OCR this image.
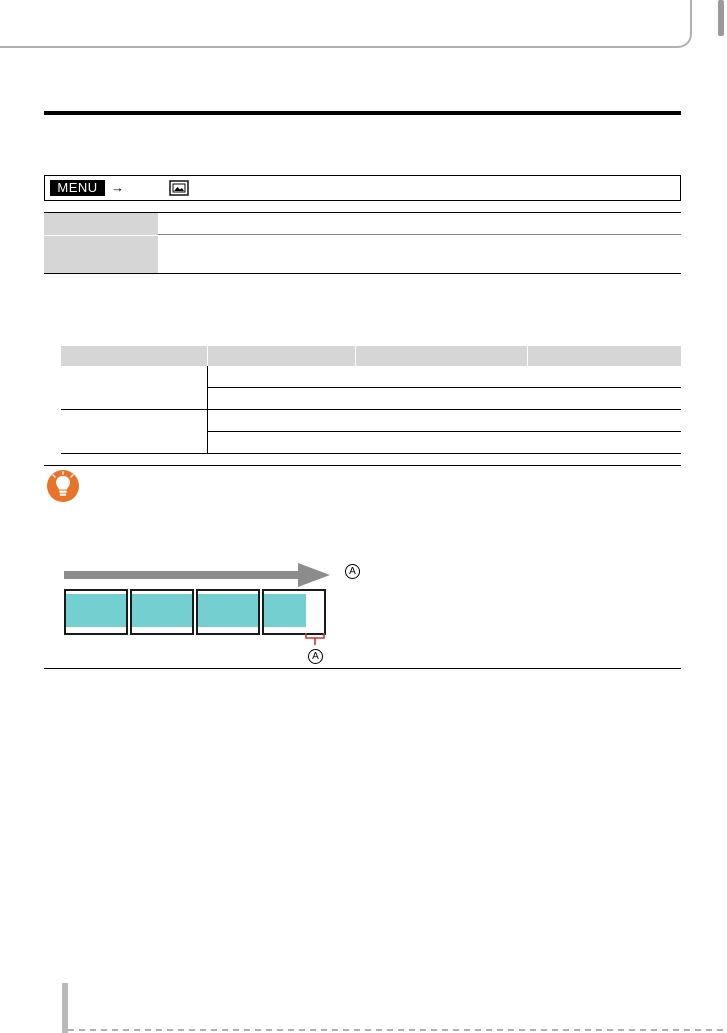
MENU	→

A
A
